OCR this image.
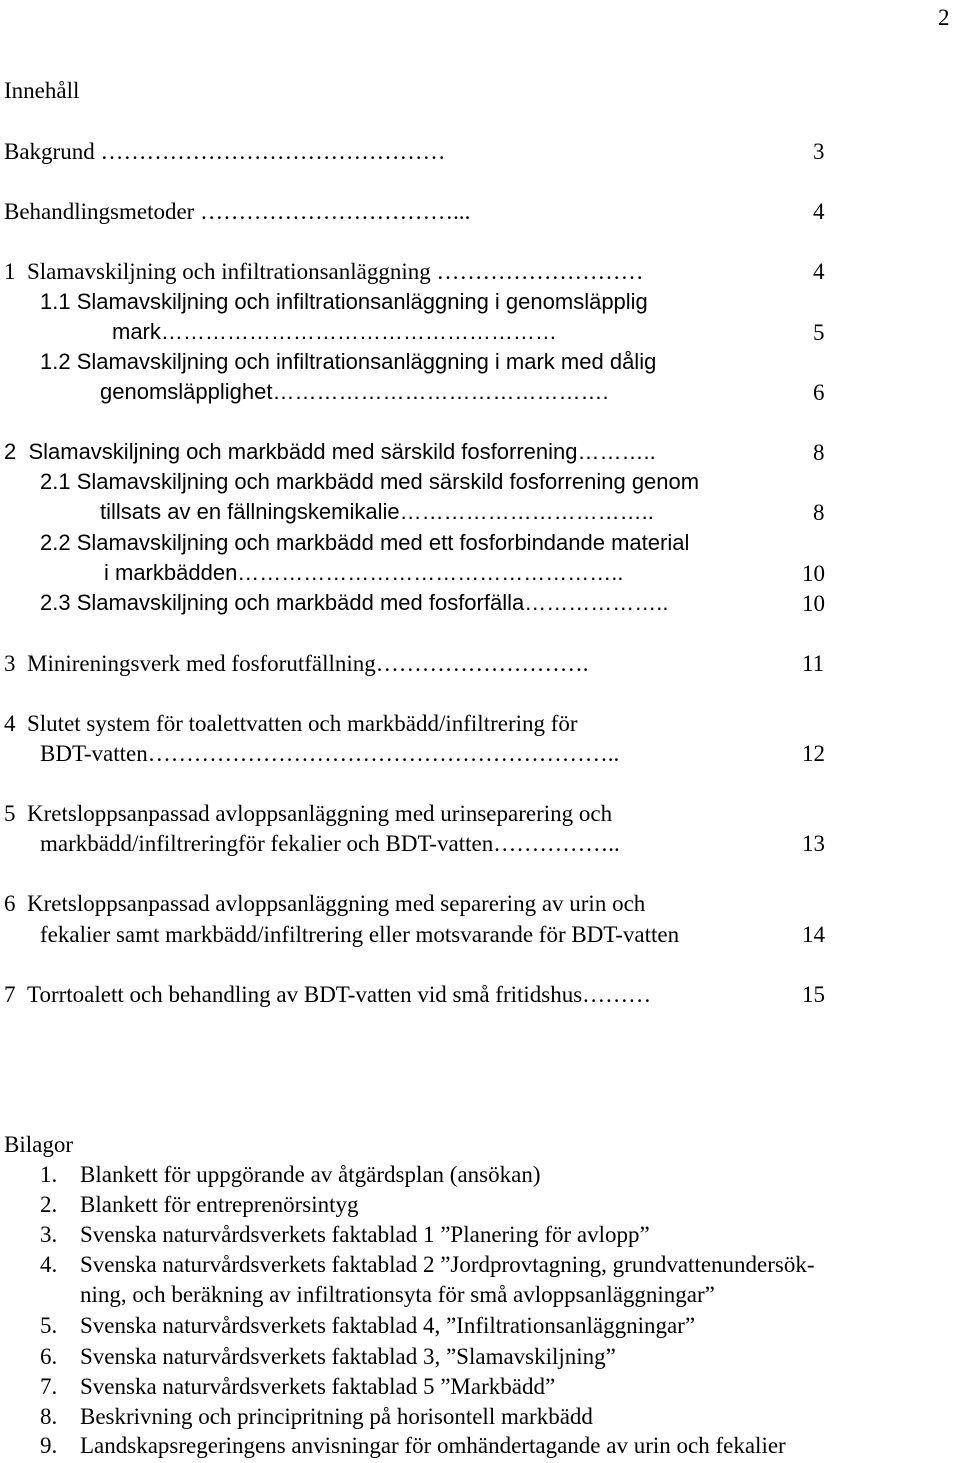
2
Innehåll
Bakgrund ………………………………………	3
Behandlingsmetoder ……………………………...	4
1	Slamavskiljning och infiltrationsanläggning ………………………	4
1.1	Slamavskiljning och infiltrationsanläggning i genomsläpplig
mark………………………………………………	5
1.2	Slamavskiljning och infiltrationsanläggning i mark med dålig
genomsläpplighet……………………………………….	6
2	Slamavskiljning och markbädd med särskild fosforrening………..	8
2.1	Slamavskiljning och markbädd med särskild fosforrening genom
tillsats av en fällningskemikalie……………………………..	8
2.2	Slamavskiljning och markbädd med ett fosforbindande material
i markbädden……………………………………………..	10
2.3	Slamavskiljning och markbädd med fosforfälla………………..	10
3	Minireningsverk med fosforutfällning……………………….	11
4	Slutet system för toalettvatten och markbädd/infiltrering för
BDT-vatten……………………………………………………..	12
5	Kretsloppsanpassad avloppsanläggning med urinseparering och
markbädd/infiltreringför fekalier och BDT-vatten……………..	13
6	Kretsloppsanpassad avloppsanläggning med separering av urin och
fekalier samt markbädd/infiltrering eller motsvarande för BDT-vatten	14
7	Torrtoalett och behandling av BDT-vatten vid små fritidshus………	15
Bilagor
1. Blankett för uppgörande av åtgärdsplan (ansökan)
2. Blankett för entreprenörsintyg
3. Svenska naturvårdsverkets faktablad 1 ”Planering för avlopp”
4. Svenska naturvårdsverkets faktablad 2 ”Jordprovtagning, grundvattenundersök-
ning, och beräkning av infiltrationsyta för små avloppsanläggningar”
5. Svenska naturvårdsverkets faktablad 4, ”Infiltrationsanläggningar”
6. Svenska naturvårdsverkets faktablad 3, ”Slamavskiljning”
7. Svenska naturvårdsverkets faktablad 5 ”Markbädd”
8. Beskrivning och principritning på horisontell markbädd
9. Landskapsregeringens anvisningar för omhändertagande av urin och fekalier
